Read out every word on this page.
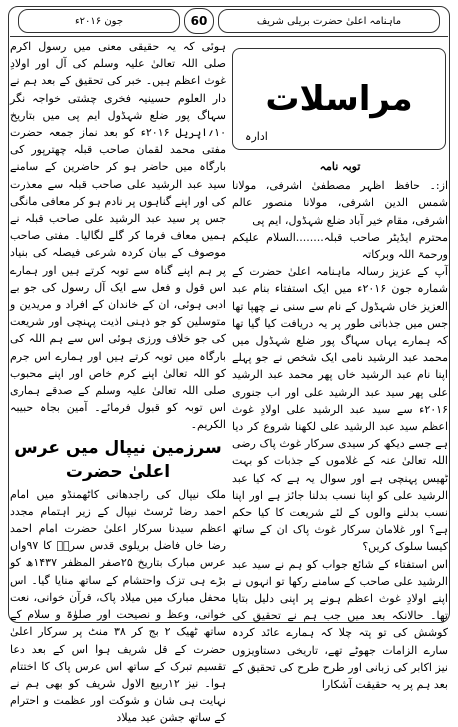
جون ۲۰۱۶ء	60	ماہنامہ اعلیٰ حضرت بریلی شریف
مراسلات
ادارہ
توبہ نامہ

از:۔ حافظ اظہر مصطفیٰ اشرفی، مولانا شمس الدین اشرفی، مولانا منصور عالم اشرفی، مقام خیر آباد ضلع شہڈول، ایم پی

محترم ایڈیٹر صاحب قبلہ........السلام علیکم ورحمۃ اللہ وبرکاتہ

آپ کے عزیز رسالہ ماہنامہ اعلیٰ حضرت کے شمارہ جون ۲۰۱۶ء میں ایک استفتاء بنام عبد العزیز خاں شہڈول کے نام سے سنی نے چھپا تھا جس میں جذباتی طور پر یہ دریافت کیا گیا تھا کہ ہمارے یہاں سہاگ پور ضلع شہڈول میں محمد عبد الرشید نامی ایک شخص نے جو پہلے اپنا نام عبد الرشید خاں پھر محمد عبد الرشید علی پھر سید عبد الرشید علی اور اب جنوری ۲۰۱۶ء سے سید عبد الرشید علی اولادِ غوث اعظم سید عبد الرشید علی لکھنا شروع کر دیا ہے جسے دیکھ کر سیدی سرکار غوث پاک رضی اللہ تعالیٰ عنہ کے غلاموں کے جذبات کو بہت ٹھیس پہنچی ہے اور سوال یہ ہے کہ کیا عبد الرشید علی کو اپنا نسب بدلنا جائز ہے اور اپنا نسب بدلنے والوں کے لئے شریعت کا کیا حکم ہے؟ اور غلامان سرکار غوث پاک ان کے ساتھ کیسا سلوک کریں؟

اس استفتاء کے شائع جواب کو ہم نے سید عبد الرشید علی صاحب کے سامنے رکھا تو انہوں نے اپنے اولادِ غوث اعظم ہونے پر اپنی دلیل بتایا تھا۔ حالانکہ بعد میں جب ہم نے تحقیق کی کوشش کی تو پتہ چلا کہ ہمارے عائد کردہ سارے الزامات جھوٹے تھے، تاریخی دستاویزوں نیز اکابر کی زبانی اور طرح طرح کی تحقیق کے بعد ہم پر یہ حقیقت آشکارا

ہوئی کہ یہ حقیقی معنی میں رسول اکرم صلی اللہ تعالیٰ علیہ وسلم کی آل اور اولادِ غوث اعظم ہیں۔ خبر کی تحقیق کے بعد ہم نے دار العلوم حسینیہ فخری چشتی خواجہ نگر سہاگ پور ضلع شہڈول ایم پی میں بتاریخ ۱۰؍اپریل ۲۰۱۶ء کو بعد نماز جمعہ حضرت مفتی محمد لقمان صاحب قبلہ چھترپور کی بارگاہ میں حاضر ہو کر حاضرین کے سامنے سید عبد الرشید علی صاحب قبلہ سے معذرت کی اور اپنے گناہوں پر نادم ہو کر معافی مانگی جس پر سید عبد الرشید علی صاحب قبلہ نے ہمیں معاف فرما کر گلے لگالیا۔ مفتی صاحب موصوف کے بیان کردہ شرعی فیصلہ کی بنیاد پر ہم اپنے گناہ سے توبہ کرتے ہیں اور ہمارے اس قول و فعل سے ایک آل رسول کی جو بے ادبی ہوئی، ان کے خاندان کے افراد و مریدین و متوسلین کو جو ذہنی اذیت پہنچی اور شریعت کی جو خلاف ورزی ہوئی اس سے ہم اللہ کی بارگاہ میں توبہ کرتے ہیں اور ہمارے اس جرم کو اللہ تعالیٰ اپنے کرم خاص اور اپنے محبوب صلی اللہ تعالیٰ علیہ وسلم کے صدقے ہماری اس توبہ کو قبول فرمائے۔ آمین بجاہ حبیبہ الکریم۔

سرزمین نیپال میں عرس اعلیٰ حضرت

ملک نیپال کی راجدھانی کاٹھمنڈو میں امام احمد رضا ٹرسٹ نیپال کے زیر اہتمام مجدد اعظم سیدنا سرکار اعلیٰ حضرت امام احمد رضا خاں فاضل بریلوی قدس سرہٗ کا ۹۷واں عرس مبارک بتاریخ ۲۵صفر المظفر ۱۴۳۷ھ کو بڑے ہی تزک واحتشام کے ساتھ منایا گیا۔ اس محفل مبارک میں میلاد پاک، قرآن خوانی، نعت خوانی، وعظ و نصیحت اور صلوٰۃ و سلام کے ساتھ ٹھیک ۲ بج کر ۳۸ منٹ پر سرکار اعلیٰ حضرت کے قل شریف ہوا اس کے بعد دعا تقسیم تبرک کے ساتھ اس عرس پاک کا اختتام ہوا۔ نیز ۱۲ربیع الاول شریف کو بھی ہم نے نہایت ہی شان و شوکت اور عظمت و احترام کے ساتھ جشن عید میلاد
